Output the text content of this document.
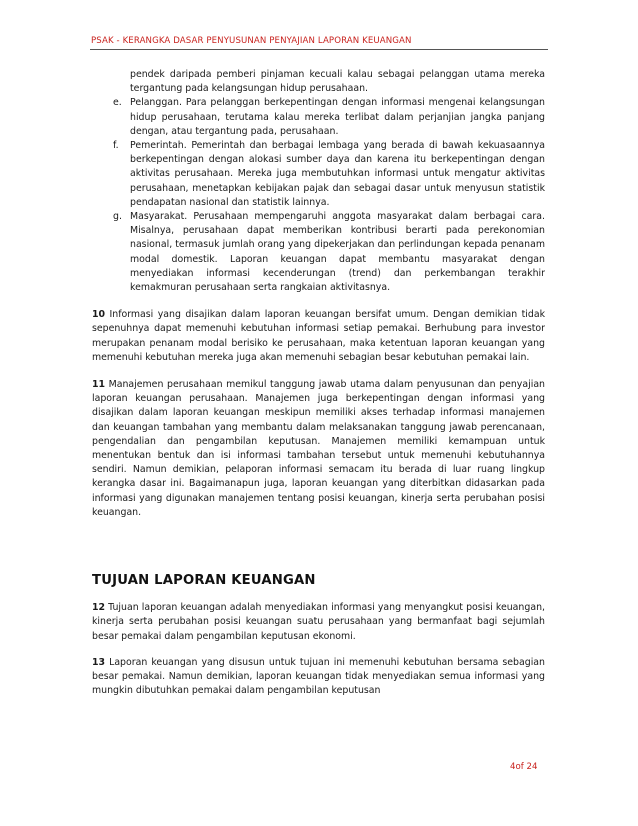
PSAK - KERANGKA DASAR PENYUSUNAN PENYAJIAN LAPORAN KEUANGAN
pendek daripada pemberi pinjaman kecuali kalau sebagai pelanggan utama mereka tergantung pada kelangsungan hidup perusahaan.
e. Pelanggan. Para pelanggan berkepentingan dengan informasi mengenai kelangsungan hidup perusahaan, terutama kalau mereka terlibat dalam perjanjian jangka panjang dengan, atau tergantung pada, perusahaan.
f. Pemerintah. Pemerintah dan berbagai lembaga yang berada di bawah kekuasaannya berkepentingan dengan alokasi sumber daya dan karena itu berkepentingan dengan aktivitas perusahaan. Mereka juga membutuhkan informasi untuk mengatur aktivitas perusahaan, menetapkan kebijakan pajak dan sebagai dasar untuk menyusun statistik pendapatan nasional dan statistik lainnya.
g. Masyarakat. Perusahaan mempengaruhi anggota masyarakat dalam berbagai cara. Misalnya, perusahaan dapat memberikan kontribusi berarti pada perekonomian nasional, termasuk jumlah orang yang dipekerjakan dan perlindungan kepada penanam modal domestik. Laporan keuangan dapat membantu masyarakat dengan menyediakan informasi kecenderungan (trend) dan perkembangan terakhir kemakmuran perusahaan serta rangkaian aktivitasnya.

10 Informasi yang disajikan dalam laporan keuangan bersifat umum. Dengan demikian tidak sepenuhnya dapat memenuhi kebutuhan informasi setiap pemakai. Berhubung para investor merupakan penanam modal berisiko ke perusahaan, maka ketentuan laporan keuangan yang memenuhi kebutuhan mereka juga akan memenuhi sebagian besar kebutuhan pemakai lain.

11 Manajemen perusahaan memikul tanggung jawab utama dalam penyusunan dan penyajian laporan keuangan perusahaan. Manajemen juga berkepentingan dengan informasi yang disajikan dalam laporan keuangan meskipun memiliki akses terhadap informasi manajemen dan keuangan tambahan yang membantu dalam melaksanakan tanggung jawab perencanaan, pengendalian dan pengambilan keputusan. Manajemen memiliki kemampuan untuk menentukan bentuk dan isi informasi tambahan tersebut untuk memenuhi kebutuhannya sendiri. Namun demikian, pelaporan informasi semacam itu berada di luar ruang lingkup kerangka dasar ini. Bagaimanapun juga, laporan keuangan yang diterbitkan didasarkan pada informasi yang digunakan manajemen tentang posisi keuangan, kinerja serta perubahan posisi keuangan.

TUJUAN LAPORAN KEUANGAN

12 Tujuan laporan keuangan adalah menyediakan informasi yang menyangkut posisi keuangan, kinerja serta perubahan posisi keuangan suatu perusahaan yang bermanfaat bagi sejumlah besar pemakai dalam pengambilan keputusan ekonomi.

13 Laporan keuangan yang disusun untuk tujuan ini memenuhi kebutuhan bersama sebagian besar pemakai. Namun demikian, laporan keuangan tidak menyediakan semua informasi yang mungkin dibutuhkan pemakai dalam pengambilan keputusan

4of 24
